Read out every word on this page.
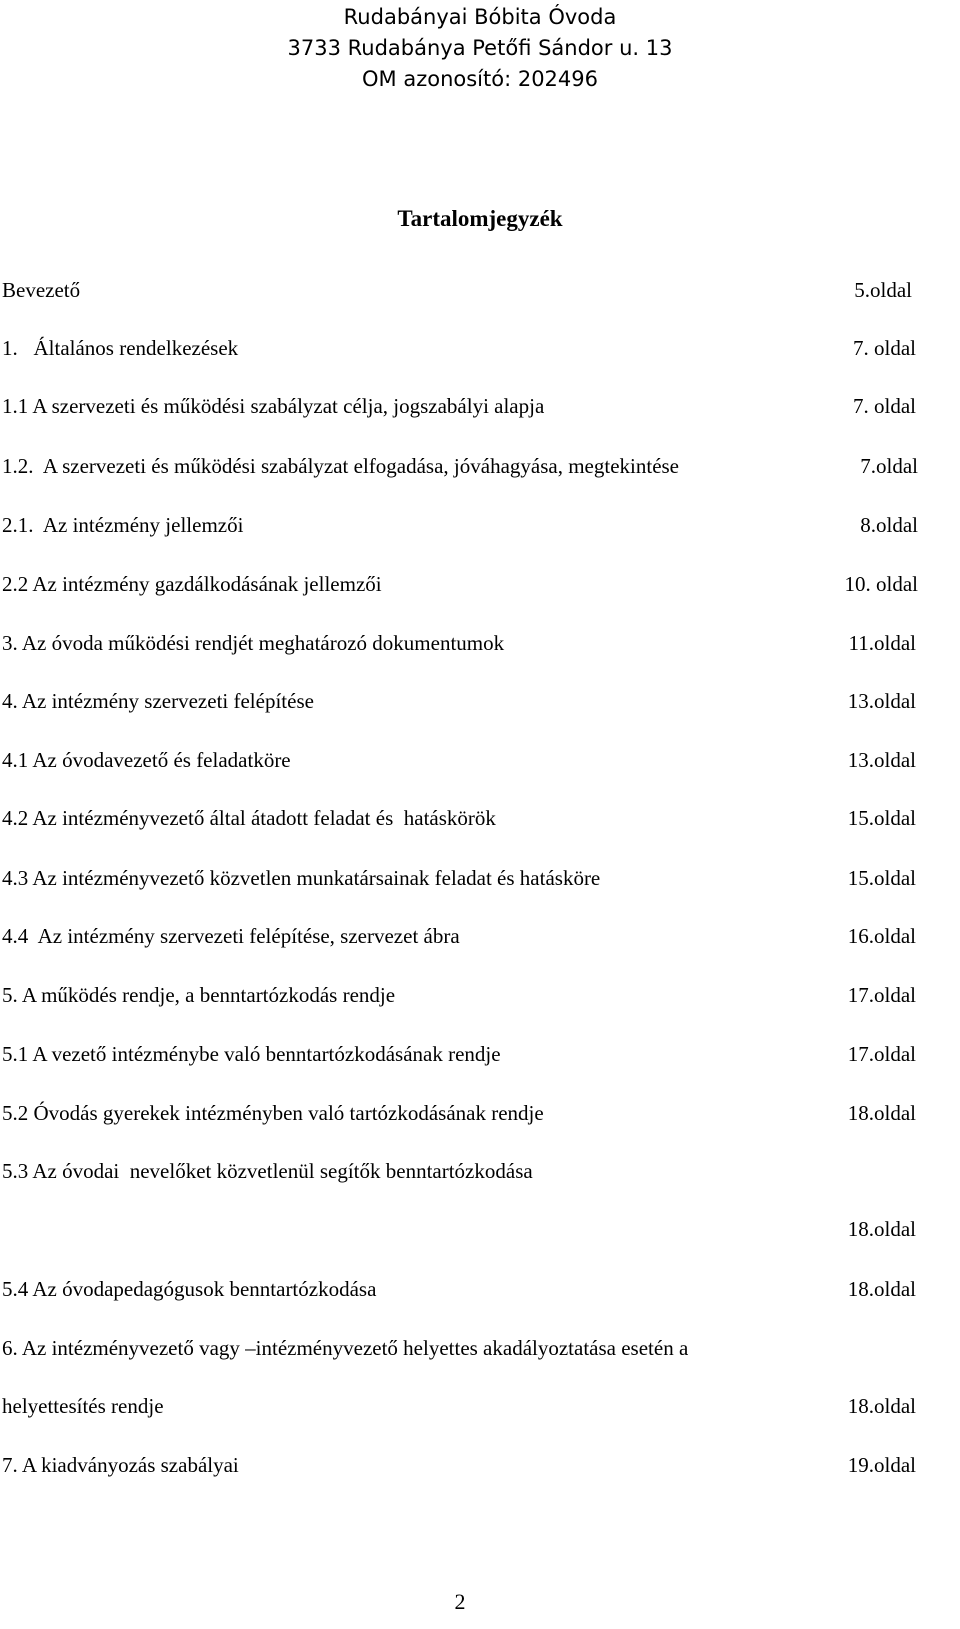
Rudabányai Bóbita Óvoda
3733 Rudabánya Petőfi Sándor u. 13
OM azonosító: 202496
Tartalomjegyzék
Bevezető	5.oldal
1.   Általános rendelkezések	7. oldal
1.1 A szervezeti és működési szabályzat célja, jogszabályi alapja	7. oldal
1.2.  A szervezeti és működési szabályzat elfogadása, jóváhagyása, megtekintése	7.oldal
2.1.  Az intézmény jellemzői	8.oldal
2.2 Az intézmény gazdálkodásának jellemzői	10. oldal
3. Az óvoda működési rendjét meghatározó dokumentumok	11.oldal
4. Az intézmény szervezeti felépítése	13.oldal
4.1 Az óvodavezető és feladatköre	13.oldal
4.2 Az intézményvezető által átadott feladat és  hatáskörök	15.oldal
4.3 Az intézményvezető közvetlen munkatársainak feladat és hatásköre	15.oldal
4.4  Az intézmény szervezeti felépítése, szervezet ábra	16.oldal
5. A működés rendje, a benntartózkodás rendje	17.oldal
5.1 A vezető intézménybe való benntartózkodásának rendje	17.oldal
5.2 Óvodás gyerekek intézményben való tartózkodásának rendje	18.oldal
5.3 Az óvodai  nevelőket közvetlenül segítők benntartózkodása
18.oldal
5.4 Az óvodapedagógusok benntartózkodása	18.oldal
6. Az intézményvezető vagy –intézményvezető helyettes akadályoztatása esetén a
helyettesítés rendje	18.oldal
7. A kiadványozás szabályai	19.oldal
2
